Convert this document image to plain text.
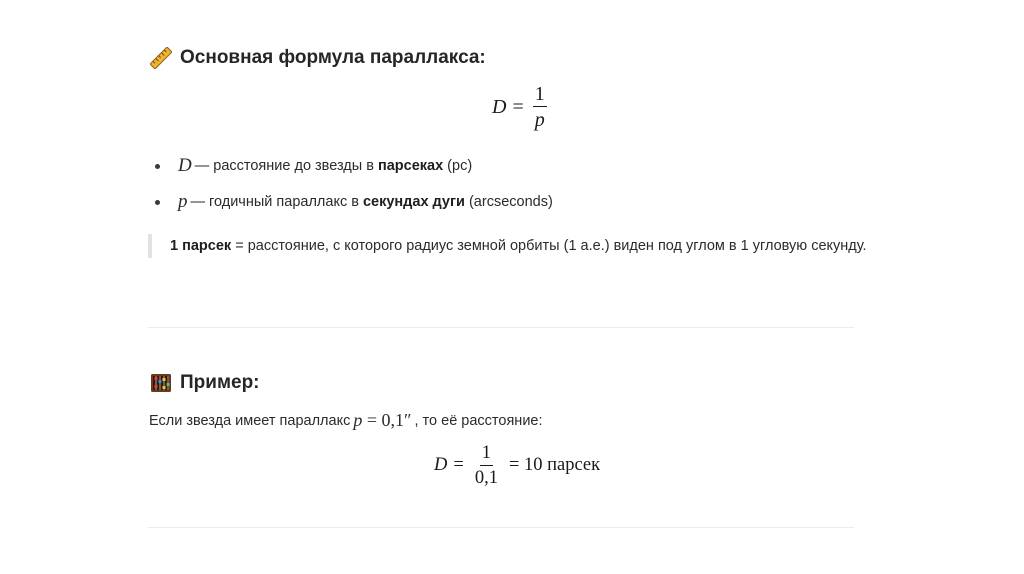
Основная формула параллакса:
$D = \frac{1}{p}$
D — расстояние до звезды в парсеках (pc)
p — годичный параллакс в секундах дуги (arcseconds)
1 парсек = расстояние, с которого радиус земной орбиты (1 а.е.) виден под углом в 1 угловую секунду.
Пример:
Если звезда имеет параллакс p = 0,1″ , то её расстояние:
$D = \frac{1}{0,1} = 10$ парсек
